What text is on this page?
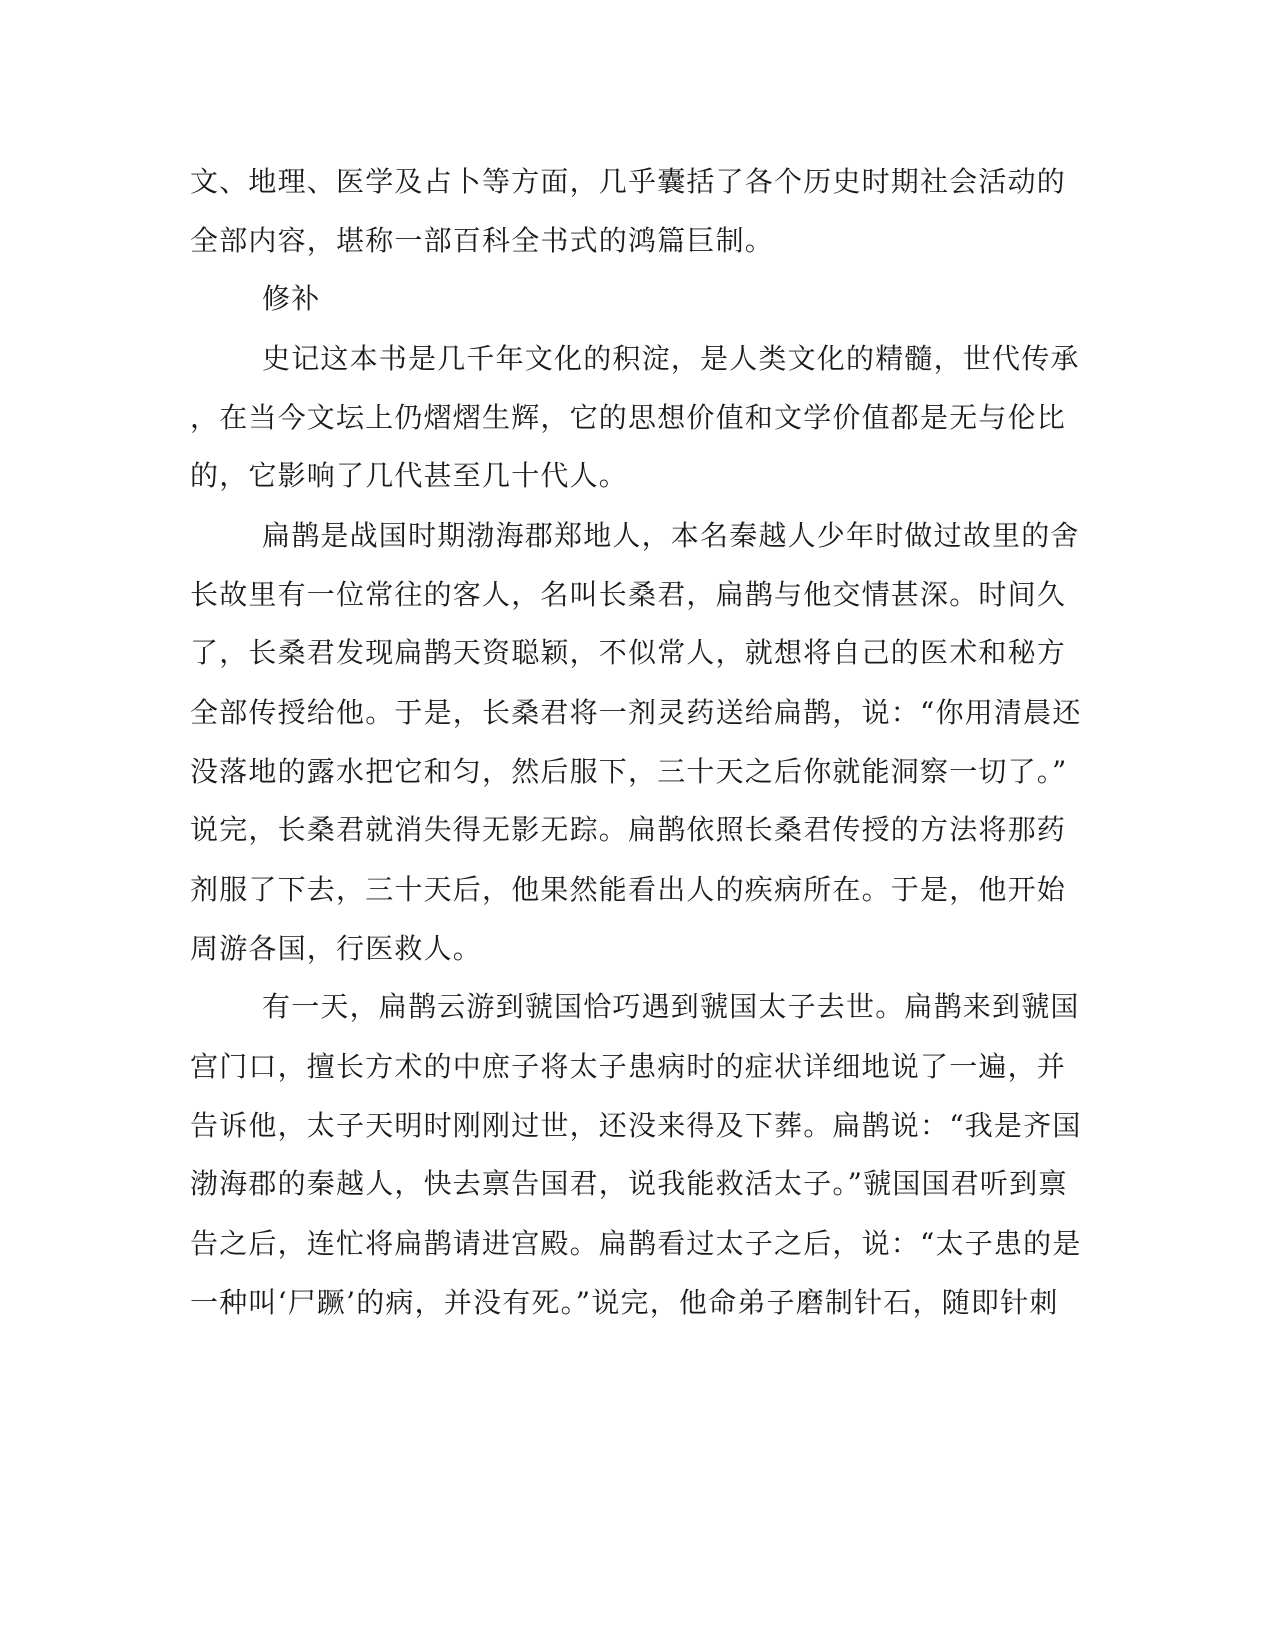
文、地理、医学及占卜等方面，几乎囊括了各个历史时期社会活动的
全部内容，堪称一部百科全书式的鸿篇巨制。
修补
史记这本书是几千年文化的积淀，是人类文化的精髓，世代传承
，在当今文坛上仍熠熠生辉，它的思想价值和文学价值都是无与伦比
的，它影响了几代甚至几十代人。
扁鹊是战国时期渤海郡郑地人，本名秦越人少年时做过故里的舍
长故里有一位常往的客人，名叫长桑君，扁鹊与他交情甚深。时间久
了，长桑君发现扁鹊天资聪颖，不似常人，就想将自己的医术和秘方
全部传授给他。于是，长桑君将一剂灵药送给扁鹊，说：“你用清晨还
没落地的露水把它和匀，然后服下，三十天之后你就能洞察一切了。”
说完，长桑君就消失得无影无踪。扁鹊依照长桑君传授的方法将那药
剂服了下去，三十天后，他果然能看出人的疾病所在。于是，他开始
周游各国，行医救人。
有一天，扁鹊云游到虢国恰巧遇到虢国太子去世。扁鹊来到虢国
宫门口，擅长方术的中庶子将太子患病时的症状详细地说了一遍，并
告诉他，太子天明时刚刚过世，还没来得及下葬。扁鹊说：“我是齐国
渤海郡的秦越人，快去禀告国君，说我能救活太子。”虢国国君听到禀
告之后，连忙将扁鹊请进宫殿。扁鹊看过太子之后，说：“太子患的是
一种叫‘尸蹶’的病，并没有死。”说完，他命弟子磨制针石，随即针刺
